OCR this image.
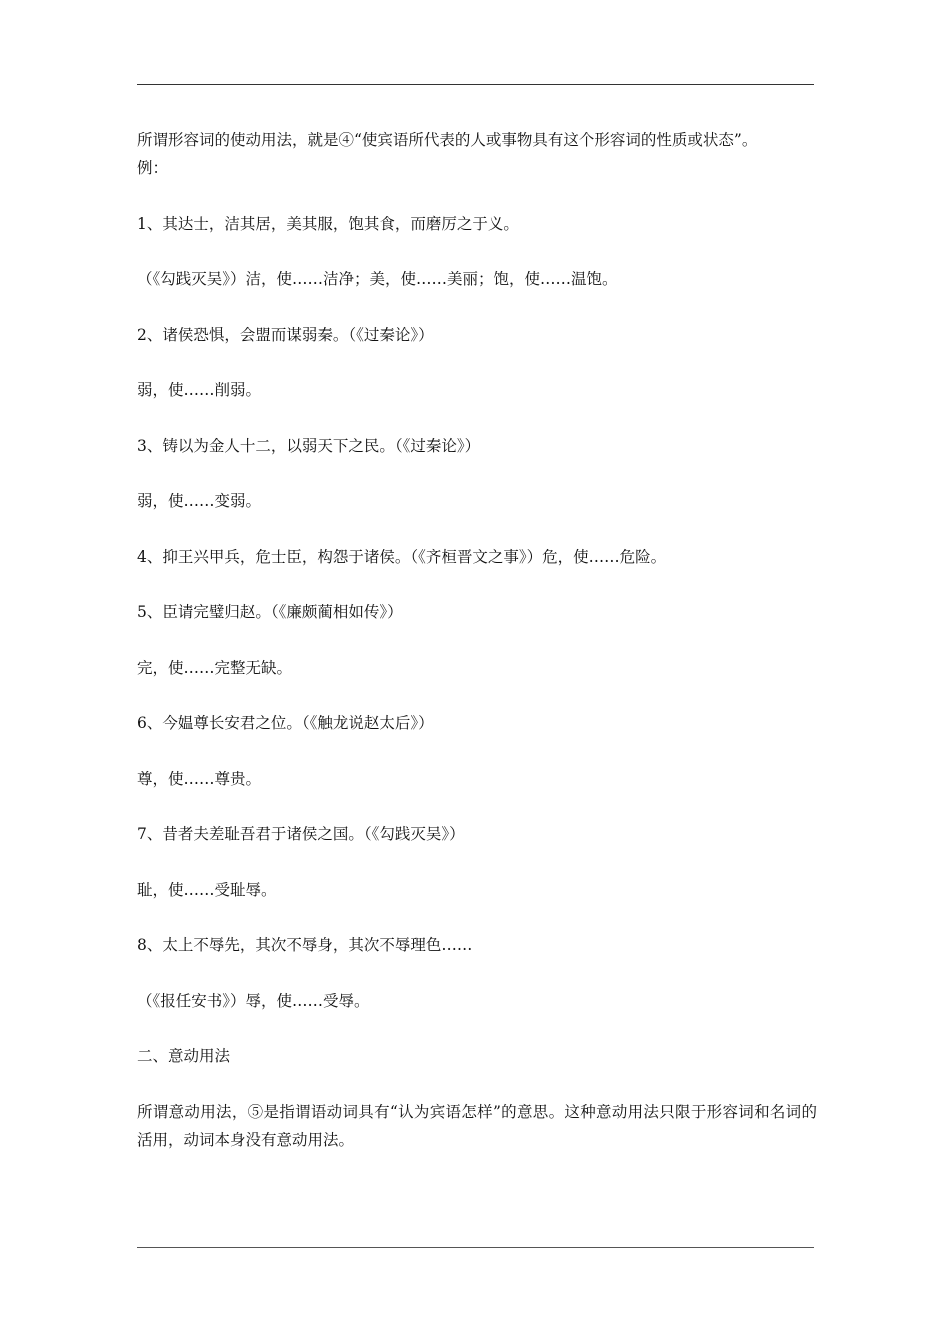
所谓形容词的使动用法，就是④“使宾语所代表的人或事物具有这个形容词的性质或状态”。

例：

1、其达士，洁其居，美其服，饱其食，而磨厉之于义。

（《勾践灭吴》）洁，使……洁净；美，使……美丽；饱，使……温饱。

2、诸侯恐惧，会盟而谋弱秦。（《过秦论》）

弱，使……削弱。

3、铸以为金人十二，以弱天下之民。（《过秦论》）

弱，使……变弱。

4、抑王兴甲兵，危士臣，构怨于诸侯。（《齐桓晋文之事》）危，使……危险。

5、臣请完璧归赵。（《廉颇蔺相如传》）

完，使……完整无缺。

6、今媪尊长安君之位。（《触龙说赵太后》）

尊，使……尊贵。

7、昔者夫差耻吾君于诸侯之国。（《勾践灭吴》）

耻，使……受耻辱。

8、太上不辱先，其次不辱身，其次不辱理色……

（《报任安书》）辱，使……受辱。

二、意动用法

所谓意动用法，⑤是指谓语动词具有“认为宾语怎样”的意思。这种意动用法只限于形容词和名词的活用，动词本身没有意动用法。
